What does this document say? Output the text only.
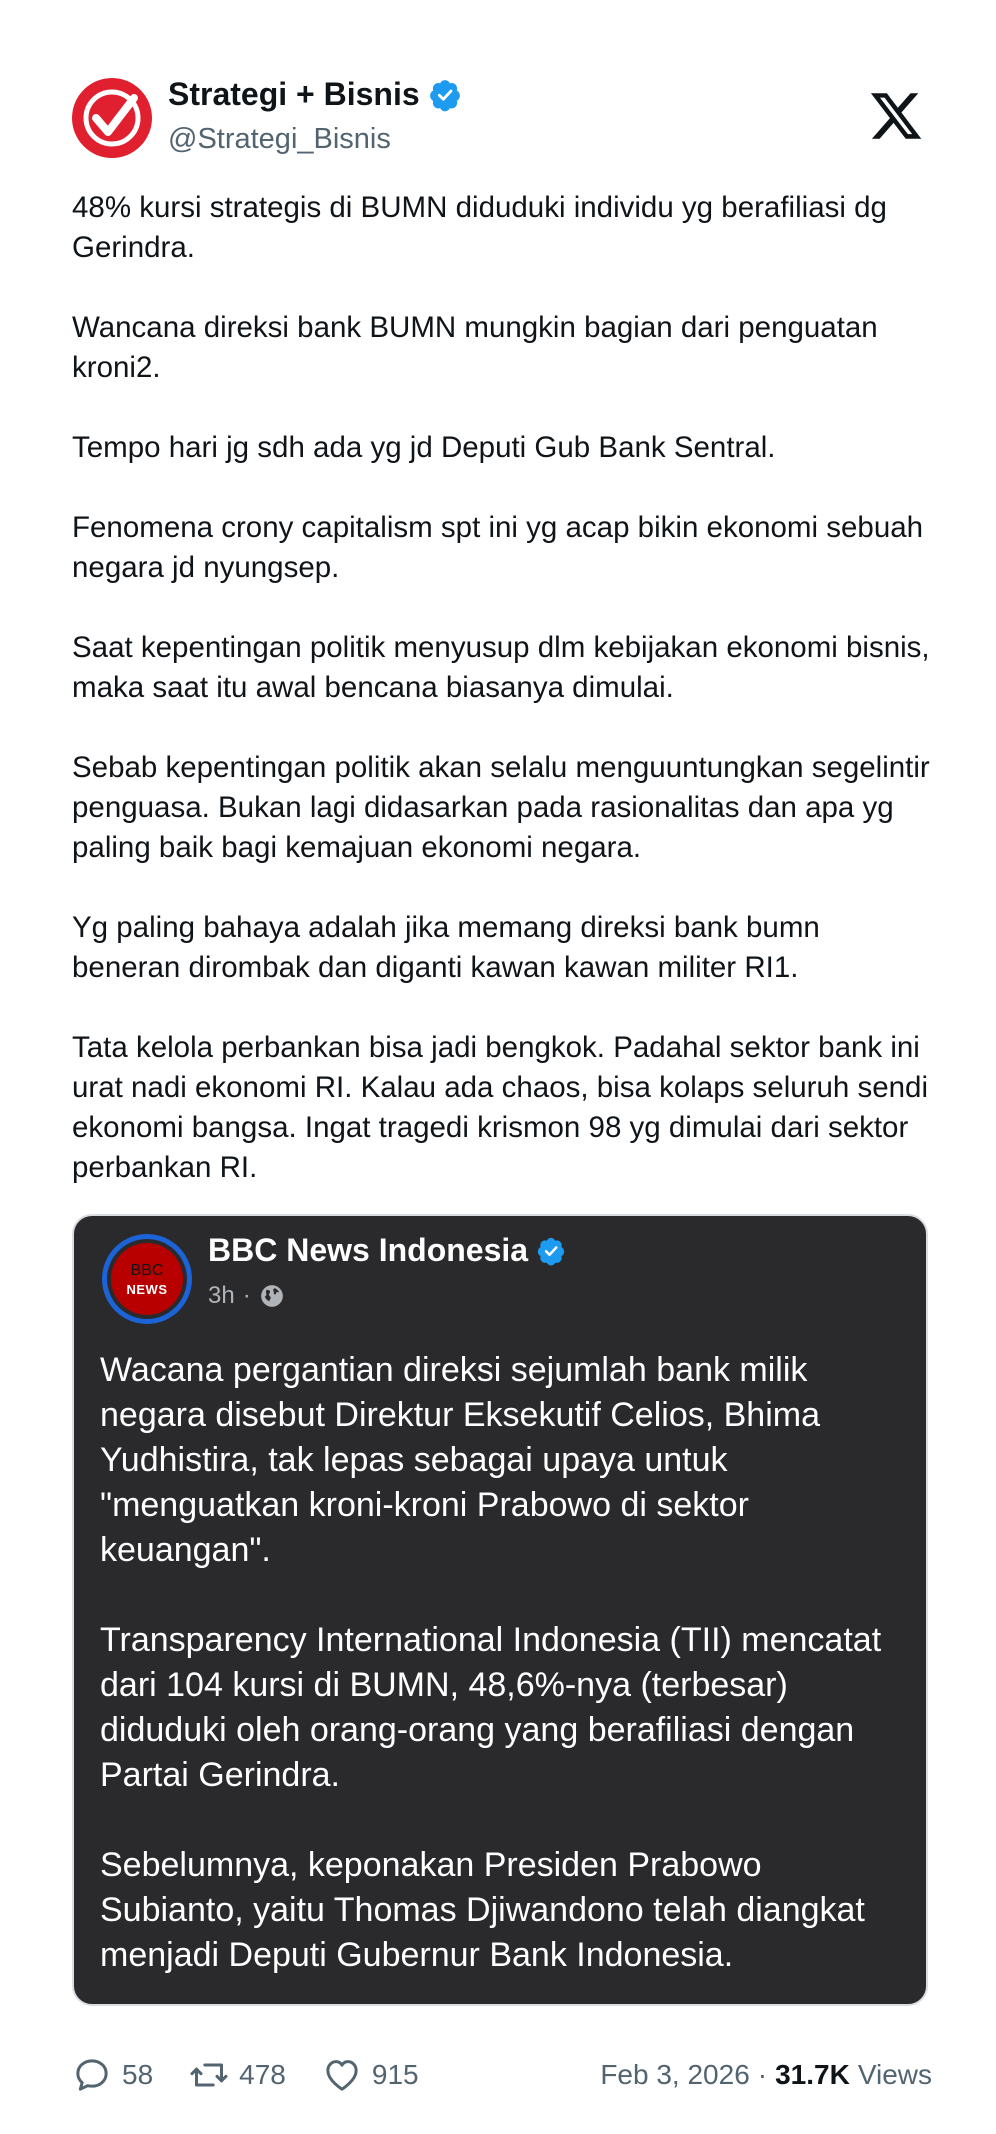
Strategi + Bisnis
@Strategi_Bisnis

48% kursi strategis di BUMN diduduki individu yg berafiliasi dg Gerindra.

Wancana direksi bank BUMN mungkin bagian dari penguatan kroni2.

Tempo hari jg sdh ada yg jd Deputi Gub Bank Sentral.

Fenomena crony capitalism spt ini yg acap bikin ekonomi sebuah negara jd nyungsep.

Saat kepentingan politik menyusup dlm kebijakan ekonomi bisnis, maka saat itu awal bencana biasanya dimulai.

Sebab kepentingan politik akan selalu menguuntungkan segelintir penguasa. Bukan lagi didasarkan pada rasionalitas dan apa yg paling baik bagi kemajuan ekonomi negara.

Yg paling bahaya adalah jika memang direksi bank bumn beneran dirombak dan diganti kawan kawan militer RI1.

Tata kelola perbankan bisa jadi bengkok. Padahal sektor bank ini urat nadi ekonomi RI. Kalau ada chaos, bisa kolaps seluruh sendi ekonomi bangsa. Ingat tragedi krismon 98 yg dimulai dari sektor perbankan RI.

BBC
NEWS
BBC News Indonesia
3h ·

Wacana pergantian direksi sejumlah bank milik negara disebut Direktur Eksekutif Celios, Bhima Yudhistira, tak lepas sebagai upaya untuk "menguatkan kroni-kroni Prabowo di sektor keuangan".

Transparency International Indonesia (TII) mencatat dari 104 kursi di BUMN, 48,6%-nya (terbesar) diduduki oleh orang-orang yang berafiliasi dengan Partai Gerindra.

Sebelumnya, keponakan Presiden Prabowo Subianto, yaitu Thomas Djiwandono telah diangkat menjadi Deputi Gubernur Bank Indonesia.

58	478	915	Feb 3, 2026 · 31.7K Views
